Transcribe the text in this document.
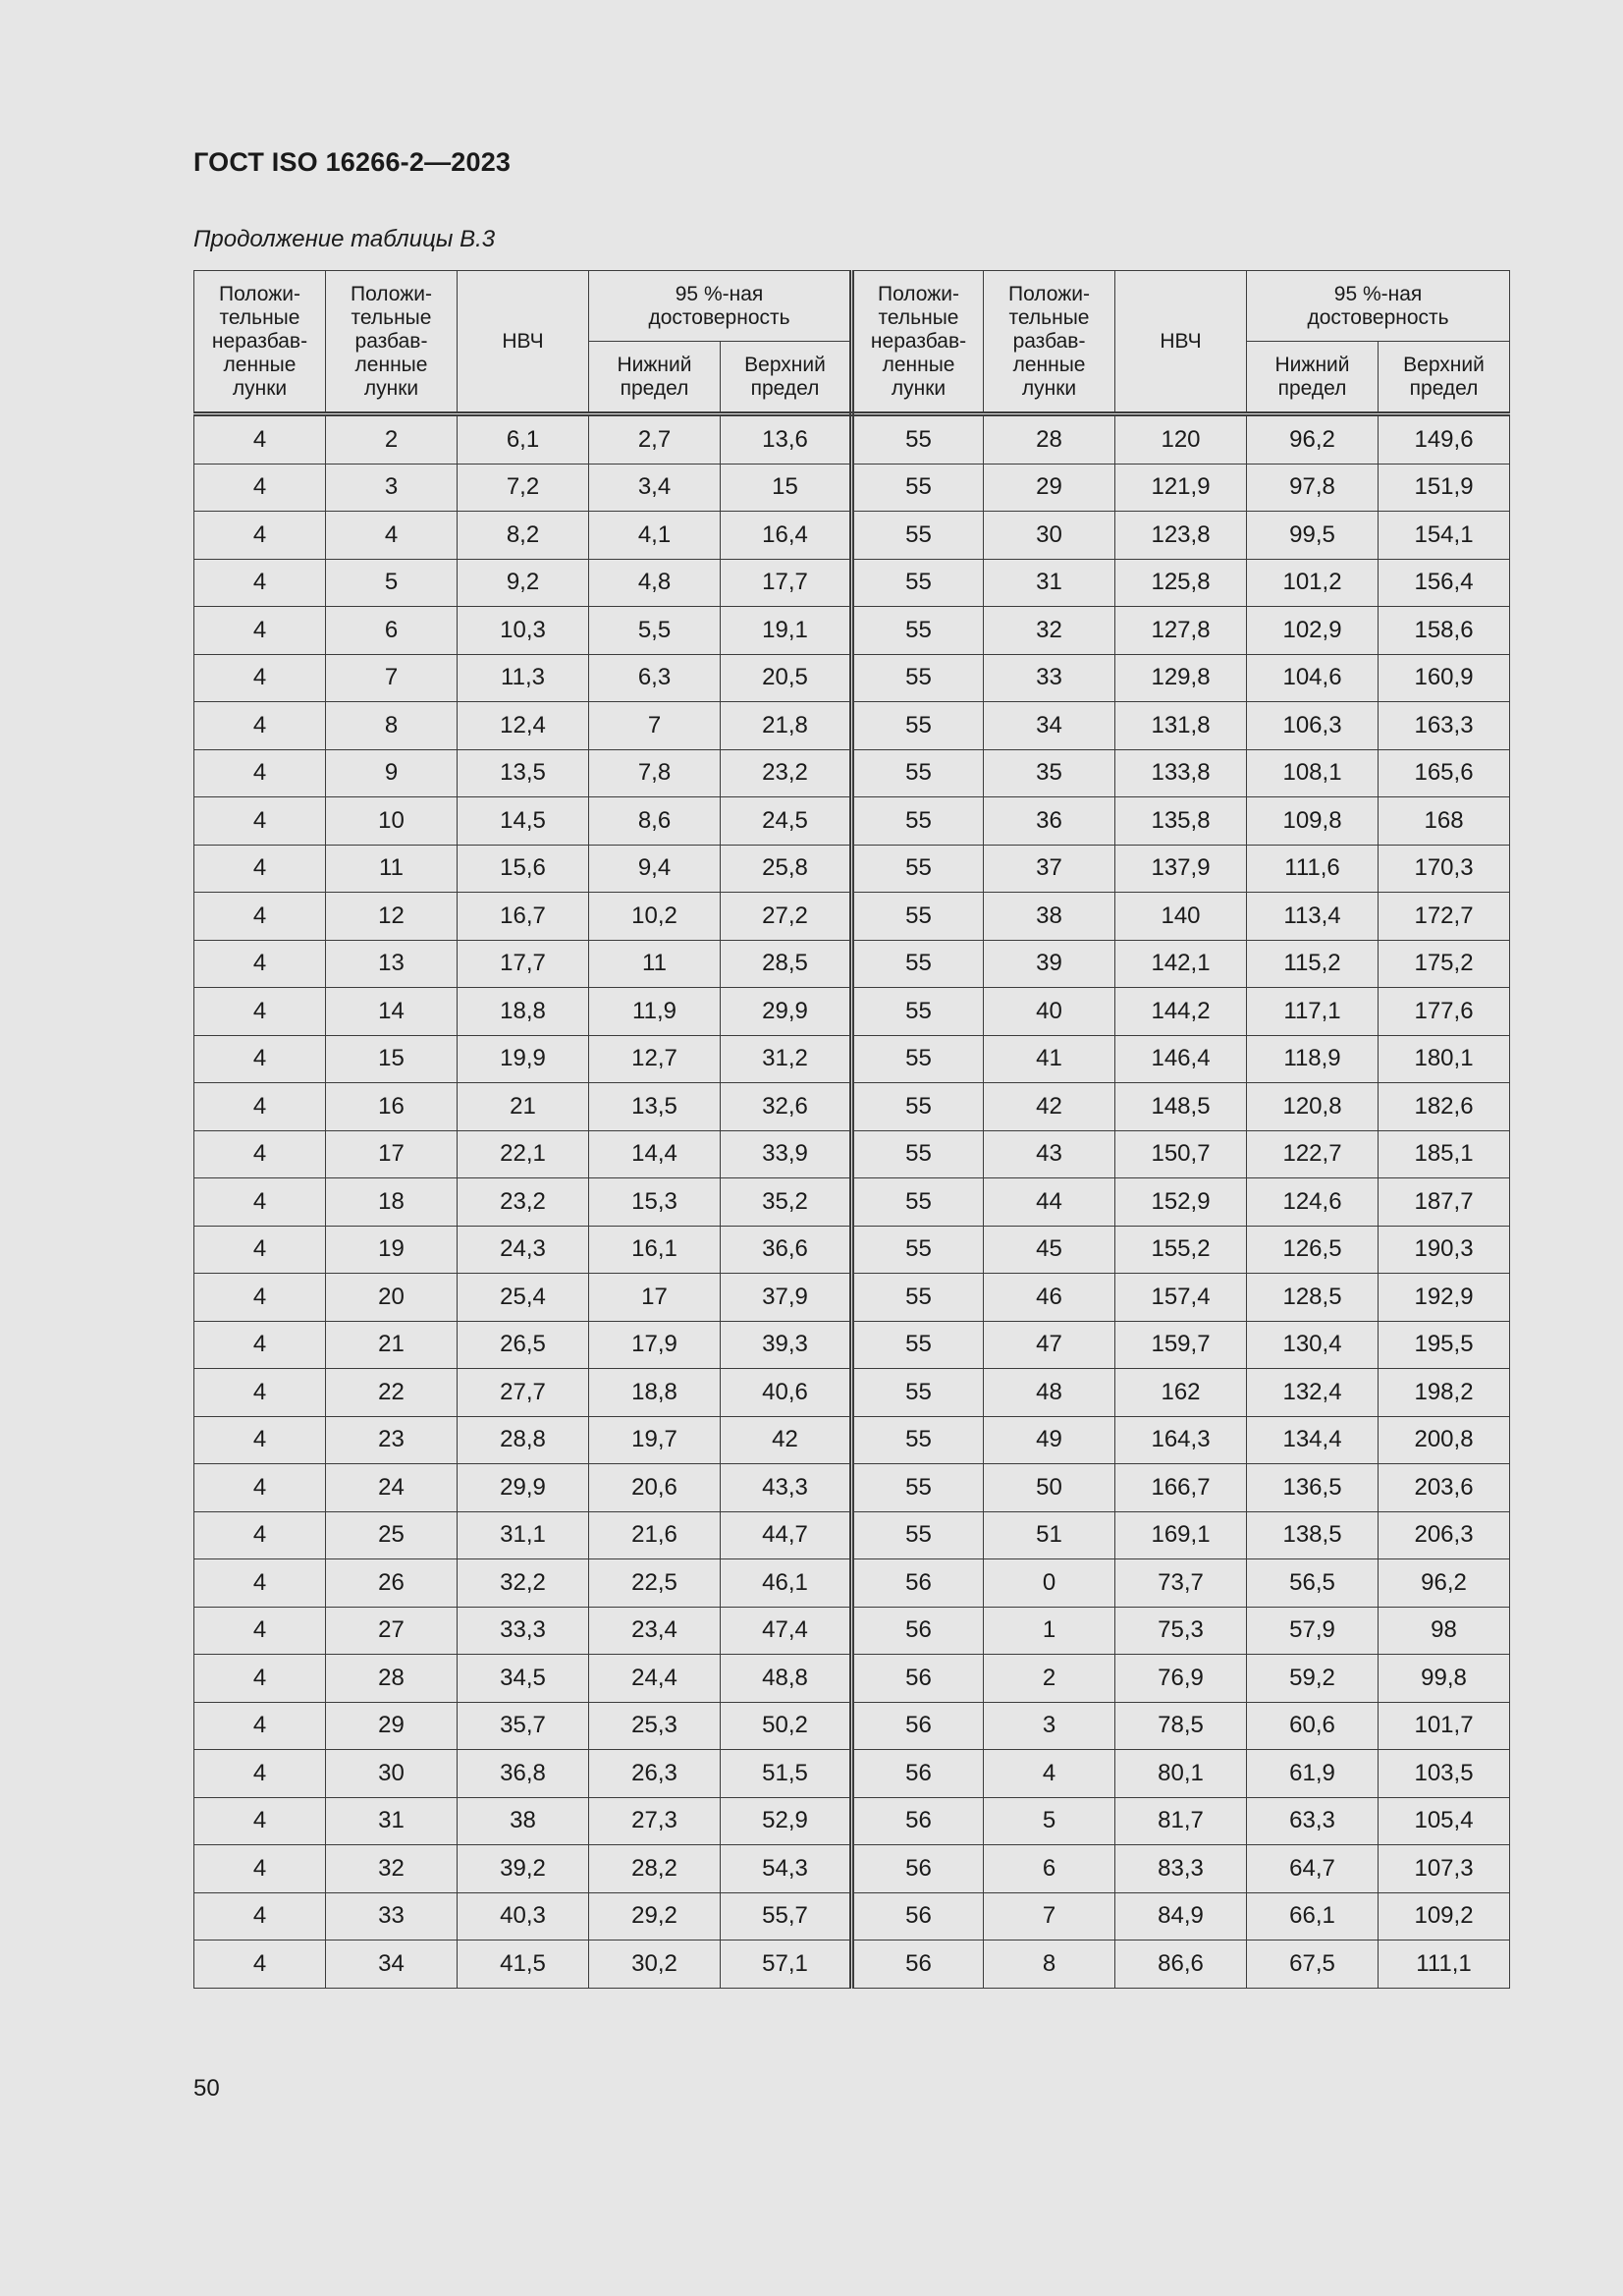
ГОСТ ISO 16266-2—2023
Продолжение таблицы В.3
Положи-
тельные
неразбав-
ленные
лунки	Положи-
тельные
разбав-
ленные
лунки	НВЧ	95 %-ная
достоверность		Положи-
тельные
неразбав-
ленные
лунки	Положи-
тельные
разбав-
ленные
лунки	НВЧ	95 %-ная
достоверность	
			Нижний
предел	Верхний
предел				Нижний
предел	Верхний
предел
4	2	6,1	2,7	13,6	55	28	120	96,2	149,6
4	3	7,2	3,4	15	55	29	121,9	97,8	151,9
4	4	8,2	4,1	16,4	55	30	123,8	99,5	154,1
4	5	9,2	4,8	17,7	55	31	125,8	101,2	156,4
4	6	10,3	5,5	19,1	55	32	127,8	102,9	158,6
4	7	11,3	6,3	20,5	55	33	129,8	104,6	160,9
4	8	12,4	7	21,8	55	34	131,8	106,3	163,3
4	9	13,5	7,8	23,2	55	35	133,8	108,1	165,6
4	10	14,5	8,6	24,5	55	36	135,8	109,8	168
4	11	15,6	9,4	25,8	55	37	137,9	111,6	170,3
4	12	16,7	10,2	27,2	55	38	140	113,4	172,7
4	13	17,7	11	28,5	55	39	142,1	115,2	175,2
4	14	18,8	11,9	29,9	55	40	144,2	117,1	177,6
4	15	19,9	12,7	31,2	55	41	146,4	118,9	180,1
4	16	21	13,5	32,6	55	42	148,5	120,8	182,6
4	17	22,1	14,4	33,9	55	43	150,7	122,7	185,1
4	18	23,2	15,3	35,2	55	44	152,9	124,6	187,7
4	19	24,3	16,1	36,6	55	45	155,2	126,5	190,3
4	20	25,4	17	37,9	55	46	157,4	128,5	192,9
4	21	26,5	17,9	39,3	55	47	159,7	130,4	195,5
4	22	27,7	18,8	40,6	55	48	162	132,4	198,2
4	23	28,8	19,7	42	55	49	164,3	134,4	200,8
4	24	29,9	20,6	43,3	55	50	166,7	136,5	203,6
4	25	31,1	21,6	44,7	55	51	169,1	138,5	206,3
4	26	32,2	22,5	46,1	56	0	73,7	56,5	96,2
4	27	33,3	23,4	47,4	56	1	75,3	57,9	98
4	28	34,5	24,4	48,8	56	2	76,9	59,2	99,8
4	29	35,7	25,3	50,2	56	3	78,5	60,6	101,7
4	30	36,8	26,3	51,5	56	4	80,1	61,9	103,5
4	31	38	27,3	52,9	56	5	81,7	63,3	105,4
4	32	39,2	28,2	54,3	56	6	83,3	64,7	107,3
4	33	40,3	29,2	55,7	56	7	84,9	66,1	109,2
4	34	41,5	30,2	57,1	56	8	86,6	67,5	111,1
50
